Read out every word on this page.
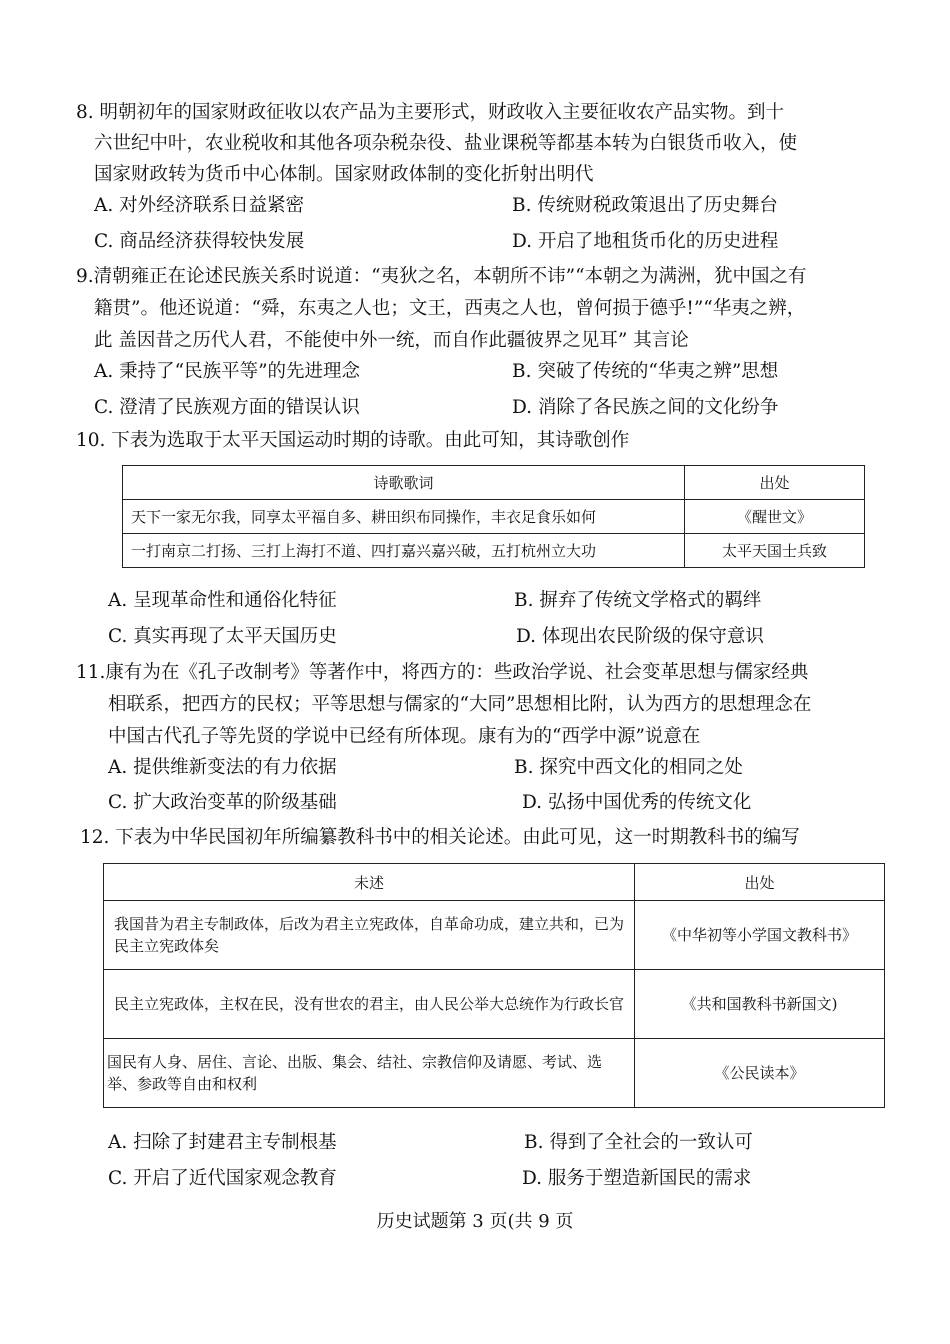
8. 明朝初年的国家财政征收以农产品为主要形式，财政收入主要征收农产品实物。到十
六世纪中叶，农业税收和其他各项杂税杂役、盐业课税等都基本转为白银货币收入，使
国家财政转为货币中心体制。国家财政体制的变化折射出明代
A. 对外经济联系日益紧密	B. 传统财税政策退出了历史舞台
C. 商品经济获得较快发展	D. 开启了地租货币化的历史进程
9.清朝雍正在论述民族关系时说道：“夷狄之名，本朝所不讳”“本朝之为满洲，犹中国之有
籍贯”。他还说道：“舜，东夷之人也；文王，西夷之人也，曾何损于德乎!”“华夷之辨，
此 盖因昔之历代人君，不能使中外一统，而自作此疆彼界之见耳” 其言论
A. 秉持了“民族平等”的先进理念	B. 突破了传统的“华夷之辨”思想
C. 澄清了民族观方面的错误认识	D. 消除了各民族之间的文化纷争
10. 下表为选取于太平天国运动时期的诗歌。由此可知，其诗歌创作
诗歌歌词	出处
天下一家无尔我，同享太平福自多、耕田织布同操作，丰衣足食乐如何	《醒世文》
一打南京二打扬、三打上海打不道、四打嘉兴嘉兴破，五打杭州立大功	太平天国士兵致
A. 呈现革命性和通俗化特征	B. 摒弃了传统文学格式的羁绊
C. 真实再现了太平天国历史	D. 体现出农民阶级的保守意识
11.康有为在《孔子改制考》等著作中，将西方的：些政治学说、社会变革思想与儒家经典
相联系，把西方的民权；平等思想与儒家的“大同”思想相比附，认为西方的思想理念在
中国古代孔子等先贤的学说中已经有所体现。康有为的“西学中源”说意在
A. 提供维新变法的有力依据	B. 探究中西文化的相同之处
C. 扩大政治变革的阶级基础	D. 弘扬中国优秀的传统文化
12. 下表为中华民国初年所编纂教科书中的相关论述。由此可见，这一时期教科书的编写
未述	出处
我国昔为君主专制政体，后改为君主立宪政体，自革命功成，建立共和，已为民主立宪政体矣	《中华初等小学国文教科书》
民主立宪政体，主权在民，没有世农的君主，由人民公举大总统作为行政长官	《共和国教科书新国文)
国民有人身、居住、言论、出版、集会、结社、宗教信仰及请愿、考试、选举、参政等自由和权利	《公民读本》
A. 扫除了封建君主专制根基	B. 得到了全社会的一致认可
C. 开启了近代国家观念教育	D. 服务于塑造新国民的需求
历史试题第 3 页(共 9 页
